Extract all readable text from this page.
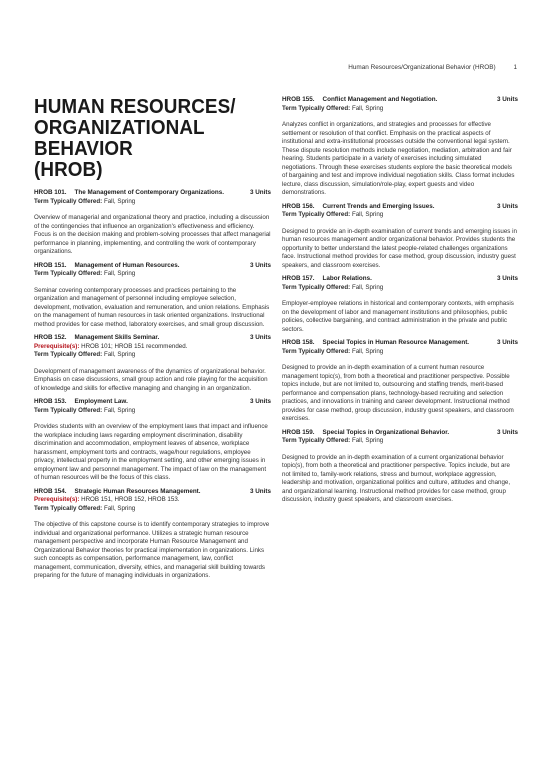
Human Resources/Organizational Behavior (HROB)	1
HUMAN RESOURCES/
ORGANIZATIONAL BEHAVIOR
(HROB)
HROB 101.	The Management of Contemporary Organizations.	3 Units
Term Typically Offered: Fall, Spring
Overview of managerial and organizational theory and practice, including a discussion of the contingencies that influence an organization's effectiveness and efficiency. Focus is on the decision making and problem-solving processes that affect managerial performance in planning, implementing, and controlling the work of contemporary organizations.
HROB 151.	Management of Human Resources.	3 Units
Term Typically Offered: Fall, Spring
Seminar covering contemporary processes and practices pertaining to the organization and management of personnel including employee selection, development, motivation, evaluation and remuneration, and union relations. Emphasis on the management of human resources in task oriented organizations. Instructional method provides for case method, laboratory exercises, and small group discussion.
HROB 152.	Management Skills Seminar.	3 Units
Prerequisite(s): HROB 101; HROB 151 recommended.
Term Typically Offered: Fall, Spring
Development of management awareness of the dynamics of organizational behavior. Emphasis on case discussions, small group action and role playing for the acquisition of knowledge and skills for effective managing and changing in an organization.
HROB 153.	Employment Law.	3 Units
Term Typically Offered: Fall, Spring
Provides students with an overview of the employment laws that impact and influence the workplace including laws regarding employment discrimination, disability discrimination and accommodation, employment leaves of absence, workplace harassment, employment torts and contracts, wage/hour regulations, employee privacy, intellectual property in the employment setting, and other emerging issues in employment law and personnel management. The impact of law on the management of human resources will be the focus of this class.
HROB 154.	Strategic Human Resources Management.	3 Units
Prerequisite(s): HROB 151, HROB 152, HROB 153.
Term Typically Offered: Fall, Spring
The objective of this capstone course is to identify contemporary strategies to improve individual and organizational performance. Utilizes a strategic human resource management perspective and incorporate Human Resource Management and Organizational Behavior theories for practical implementation in organizations. Links such concepts as compensation, performance management, law, conflict management, communication, diversity, ethics, and managerial skill building towards preparing for the future of managing individuals in organizations.
HROB 155.	Conflict Management and Negotiation.	3 Units
Term Typically Offered: Fall, Spring
Analyzes conflict in organizations, and strategies and processes for effective settlement or resolution of that conflict. Emphasis on the practical aspects of institutional and extra-institutional processes outside the conventional legal system. These dispute resolution methods include negotiation, mediation, arbitration and fair hearing. Students participate in a variety of exercises including simulated negotiations. Through these exercises students explore the basic theoretical models of bargaining and test and improve individual negotiation skills. Class format includes lecture, class discussion, simulation/role-play, expert guests and video demonstrations.
HROB 156.	Current Trends and Emerging Issues.	3 Units
Term Typically Offered: Fall, Spring
Designed to provide an in-depth examination of current trends and emerging issues in human resources management and/or organizational behavior. Provides students the opportunity to better understand the latest people-related challenges organizations face. Instructional method provides for case method, group discussion, industry guest speakers, and classroom exercises.
HROB 157.	Labor Relations.	3 Units
Term Typically Offered: Fall, Spring
Employer-employee relations in historical and contemporary contexts, with emphasis on the development of labor and management institutions and philosophies, public policies, collective bargaining, and contract administration in the private and public sectors.
HROB 158.	Special Topics in Human Resource Management.	3 Units
Term Typically Offered: Fall, Spring
Designed to provide an in-depth examination of a current human resource management topic(s), from both a theoretical and practitioner perspective. Possible topics include, but are not limited to, outsourcing and staffing trends, merit-based performance and compensation plans, technology-based recruiting and selection practices, and innovations in training and career development. Instructional method provides for case method, group discussion, industry guest speakers, and classroom exercises.
HROB 159.	Special Topics in Organizational Behavior.	3 Units
Term Typically Offered: Fall, Spring
Designed to provide an in-depth examination of a current organizational behavior topic(s), from both a theoretical and practitioner perspective. Topics include, but are not limited to, family-work relations, stress and burnout, workplace aggression, leadership and motivation, organizational politics and culture, attitudes and change, and organizational learning. Instructional method provides for case method, group discussion, industry guest speakers, and classroom exercises.
